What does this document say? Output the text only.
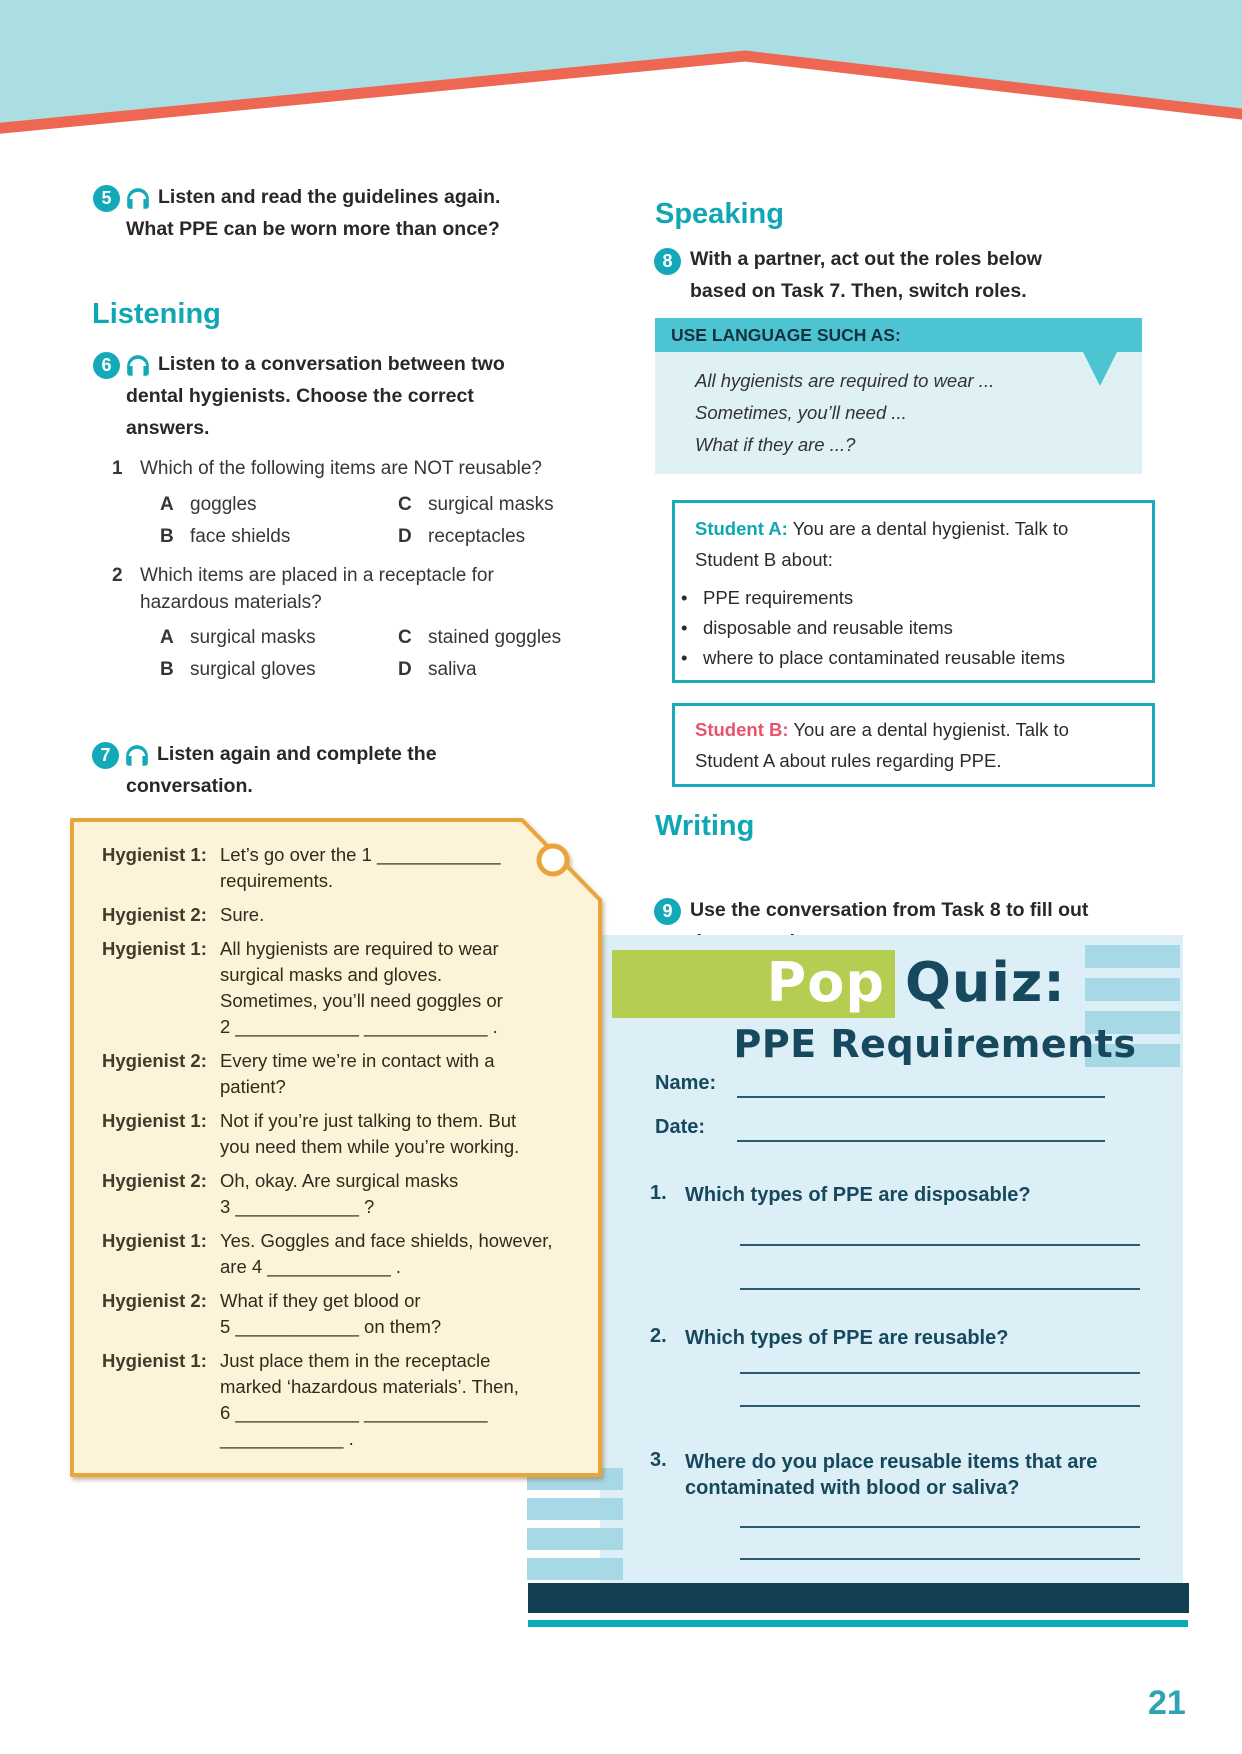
5 Listen and read the guidelines again.
What PPE can be worn more than once?
Listening
6 Listen to a conversation between two
dental hygienists. Choose the correct
answers.
1 Which of the following items are NOT reusable?
A goggles	C surgical masks
B face shields	D receptacles
2 Which items are placed in a receptacle for
hazardous materials?
A surgical masks	C stained goggles
B surgical gloves	D saliva
7 Listen again and complete the
conversation.
Speaking
8 With a partner, act out the roles below
based on Task 7. Then, switch roles.
USE LANGUAGE SUCH AS:
All hygienists are required to wear ...
Sometimes, you’ll need ...
What if they are ...?
Student A: You are a dental hygienist. Talk to
Student B about:
• PPE requirements
• disposable and reusable items
• where to place contaminated reusable items
Student B: You are a dental hygienist. Talk to
Student A about rules regarding PPE.
Writing
9 Use the conversation from Task 8 to fill out
Pop Quiz:
PPE Requirements
Name:
Date:
1. Which types of PPE are disposable?
2. Which types of PPE are reusable?
3. Where do you place reusable items that are
contaminated with blood or saliva?
Hygienist 1: Let’s go over the 1 ____________
requirements.
Hygienist 2: Sure.
Hygienist 1: All hygienists are required to wear
surgical masks and gloves.
Sometimes, you’ll need goggles or
2 ____________ ____________ .
Hygienist 2: Every time we’re in contact with a
patient?
Hygienist 1: Not if you’re just talking to them. But
you need them while you’re working.
Hygienist 2: Oh, okay. Are surgical masks
3 ____________ ?
Hygienist 1: Yes. Goggles and face shields, however,
are 4 ____________ .
Hygienist 2: What if they get blood or
5 ____________ on them?
Hygienist 1: Just place them in the receptacle
marked ‘hazardous materials’. Then,
6 ____________ ____________
____________ .
21
